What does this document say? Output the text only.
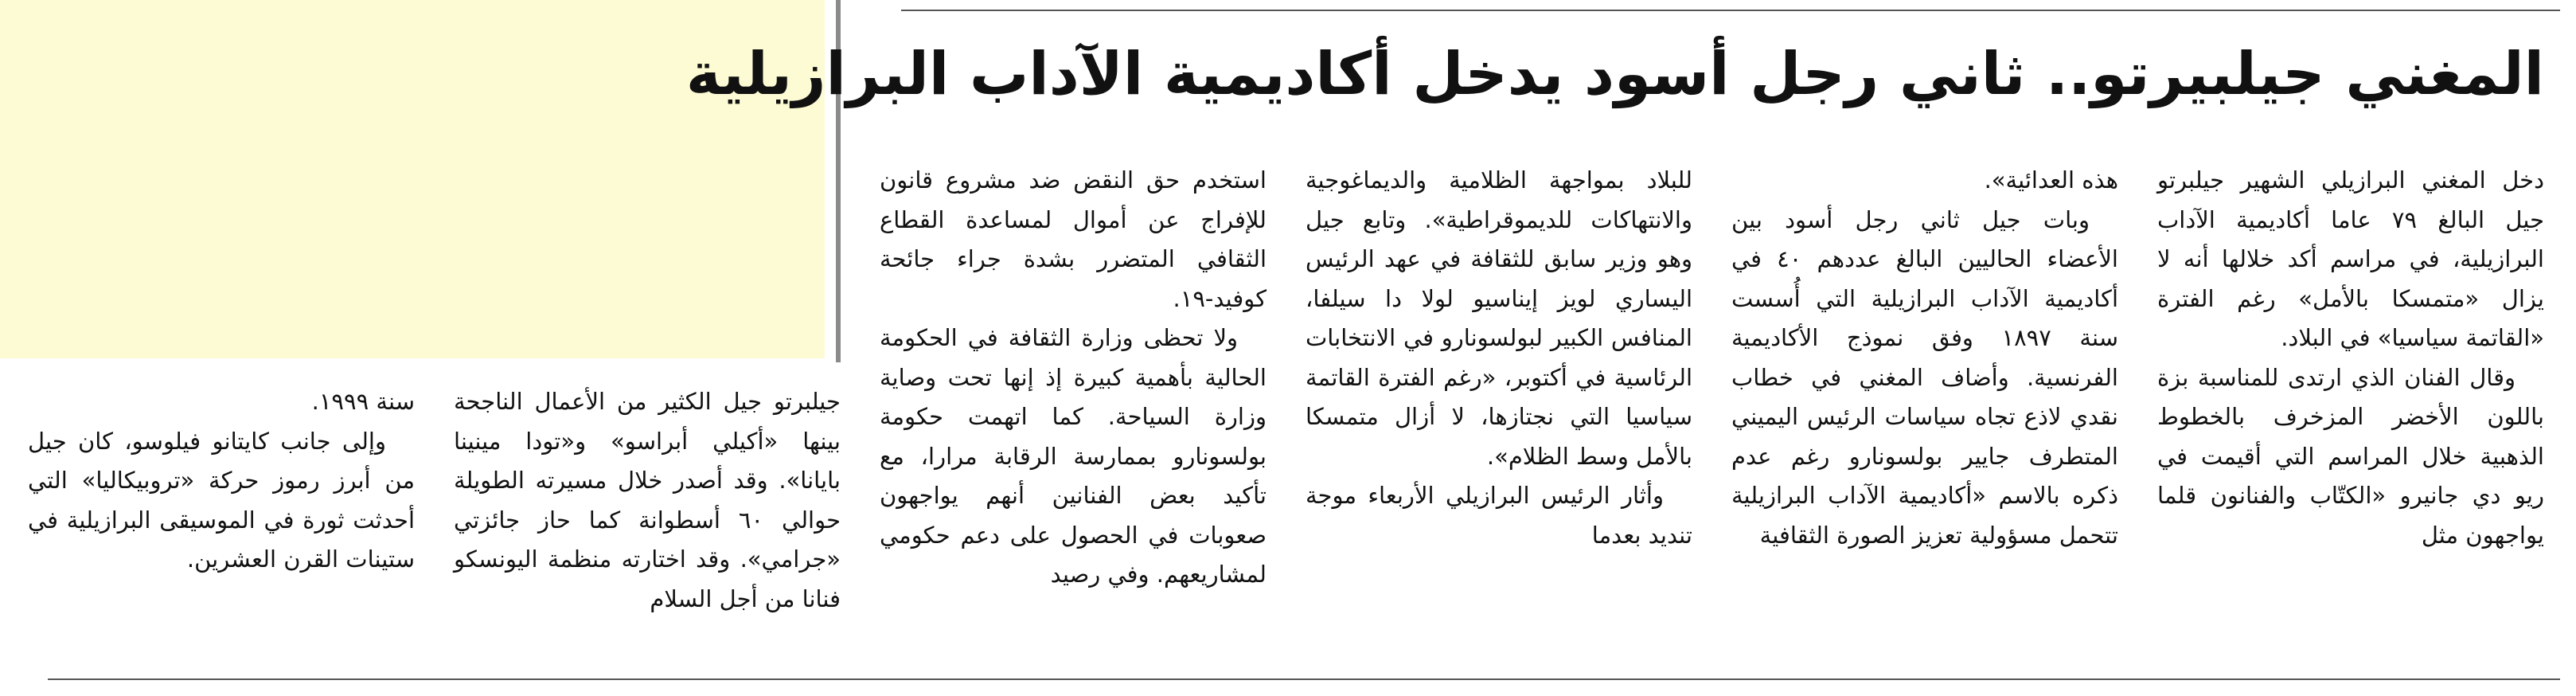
المغني جيلبيرتو.. ثاني رجل أسود يدخل أكاديمية الآداب البرازيلية

دخل المغني البرازيلي الشهير جيلبرتو جيل البالغ ٧٩ عاما أكاديمية الآداب البرازيلية، في مراسم أكد خلالها أنه لا يزال «متمسكا بالأمل» رغم الفترة «القاتمة سياسيا» في البلاد.

وقال الفنان الذي ارتدى للمناسبة بزة باللون الأخضر المزخرف بالخطوط الذهبية خلال المراسم التي أقيمت في ريو دي جانيرو «الكتّاب والفنانون قلما يواجهون مثل

هذه العدائية».

وبات جيل ثاني رجل أسود بين الأعضاء الحاليين البالغ عددهم ٤٠ في أكاديمية الآداب البرازيلية التي أُسست سنة ١٨٩٧ وفق نموذج الأكاديمية الفرنسية. وأضاف المغني في خطاب نقدي لاذع تجاه سياسات الرئيس اليميني المتطرف جايير بولسونارو رغم عدم ذكره بالاسم «أكاديمية الآداب البرازيلية تتحمل مسؤولية تعزيز الصورة الثقافية

للبلاد بمواجهة الظلامية والديماغوجية والانتهاكات للديموقراطية». وتابع جيل وهو وزير سابق للثقافة في عهد الرئيس اليساري لويز إيناسيو لولا دا سيلفا، المنافس الكبير لبولسونارو في الانتخابات الرئاسية في أكتوبر، «رغم الفترة القاتمة سياسيا التي نجتازها، لا أزال متمسكا بالأمل وسط الظلام».

وأثار الرئيس البرازيلي الأربعاء موجة تنديد بعدما

استخدم حق النقض ضد مشروع قانون للإفراج عن أموال لمساعدة القطاع الثقافي المتضرر بشدة جراء جائحة كوفيد-١٩.

ولا تحظى وزارة الثقافة في الحكومة الحالية بأهمية كبيرة إذ إنها تحت وصاية وزارة السياحة. كما اتهمت حكومة بولسونارو بممارسة الرقابة مرارا، مع تأكيد بعض الفنانين أنهم يواجهون صعوبات في الحصول على دعم حكومي لمشاريعهم. وفي رصيد

جيلبرتو جيل الكثير من الأعمال الناجحة بينها «أكيلي أبراسو» و«تودا مينينا بايانا». وقد أصدر خلال مسيرته الطويلة حوالي ٦٠ أسطوانة كما حاز جائزتي «جرامي». وقد اختارته منظمة اليونسكو فنانا من أجل السلام

سنة ١٩٩٩.

وإلى جانب كايتانو فيلوسو، كان جيل من أبرز رموز حركة «تروبيكاليا» التي أحدثت ثورة في الموسيقى البرازيلية في ستينات القرن العشرين.
